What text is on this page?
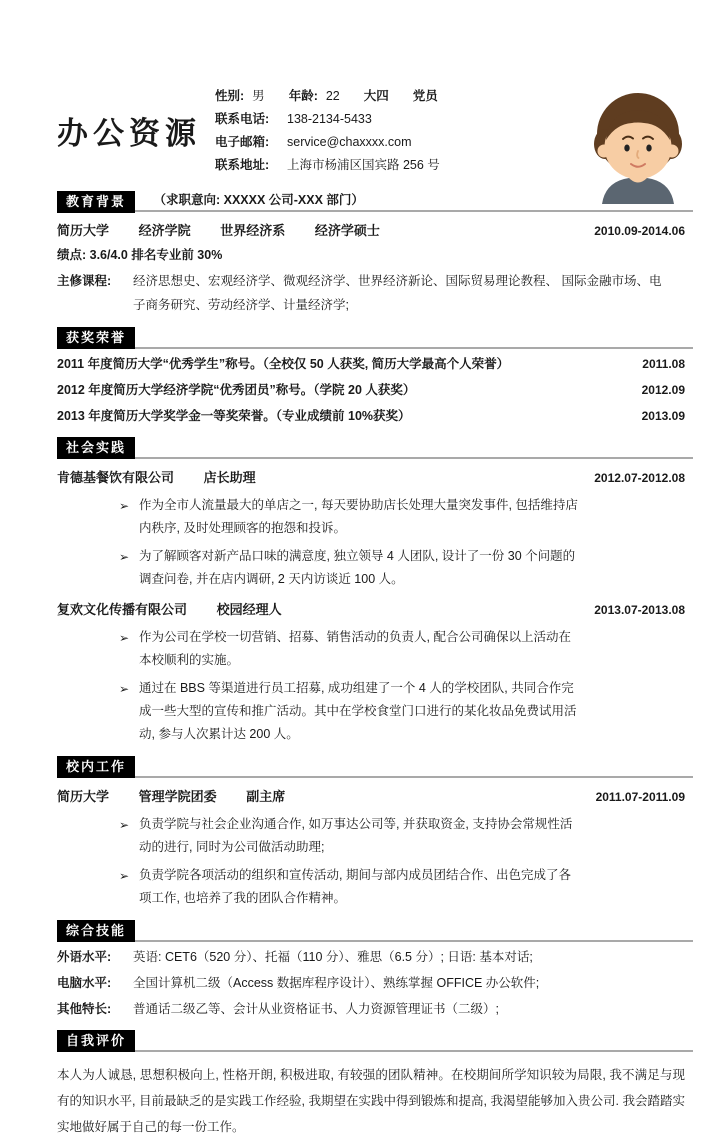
办公资源
性别: 男 年龄: 22 大四 党员
联系电话:	138-2134-5433
电子邮箱:	service@chaxxxx.com
联系地址:	上海市杨浦区国宾路 256 号
教育背景 （求职意向: XXXXX 公司-XXX 部门）
简历大学 经济学院 世界经济系 经济学硕士	2010.09-2014.06
绩点: 3.6/4.0 排名专业前 30%
主修课程:	经济思想史、宏观经济学、微观经济学、世界经济新论、国际贸易理论教程、 国际金融市场、电子商务研究、劳动经济学、计量经济学;
获奖荣誉
2011 年度简历大学“优秀学生”称号。（全校仅 50 人获奖, 简历大学最高个人荣誉）	2011.08
2012 年度简历大学经济学院“优秀团员”称号。（学院 20 人获奖）	2012.09
2013 年度简历大学奖学金一等奖荣誉。（专业成绩前 10%获奖）	2013.09
社会实践
肯德基餐饮有限公司 店长助理	2012.07-2012.08
➢ 作为全市人流量最大的单店之一, 每天要协助店长处理大量突发事件, 包括维持店内秩序, 及时处理顾客的抱怨和投诉。
➢ 为了解顾客对新产品口味的满意度, 独立领导 4 人团队, 设计了一份 30 个问题的调查问卷, 并在店内调研, 2 天内访谈近 100 人。
复欢文化传播有限公司 校园经理人	2013.07-2013.08
➢ 作为公司在学校一切营销、招募、销售活动的负责人, 配合公司确保以上活动在本校顺利的实施。
➢ 通过在 BBS 等渠道进行员工招募, 成功组建了一个 4 人的学校团队, 共同合作完成一些大型的宣传和推广活动。其中在学校食堂门口进行的某化妆品免费试用活动, 参与人次累计达 200 人。
校内工作
简历大学 管理学院团委 副主席	2011.07-2011.09
➢ 负责学院与社会企业沟通合作, 如万事达公司等, 并获取资金, 支持协会常规性活动的进行, 同时为公司做活动助理;
➢ 负责学院各项活动的组织和宣传活动, 期间与部内成员团结合作、出色完成了各项工作, 也培养了我的团队合作精神。
综合技能
外语水平:	英语: CET6（520 分）、托福（110 分）、雅思（6.5 分）; 日语: 基本对话;
电脑水平:	全国计算机二级（Access 数据库程序设计）、熟练掌握 OFFICE 办公软件;
其他特长:	普通话二级乙等、会计从业资格证书、人力资源管理证书（二级）;
自我评价
本人为人诚恳, 思想积极向上, 性格开朗, 积极进取, 有较强的团队精神。在校期间所学知识较为局限, 我不满足与现有的知识水平, 目前最缺乏的是实践工作经验, 我期望在实践中得到锻炼和提高, 我渴望能够加入贵公司. 我会踏踏实实地做好属于自己的每一份工作。
